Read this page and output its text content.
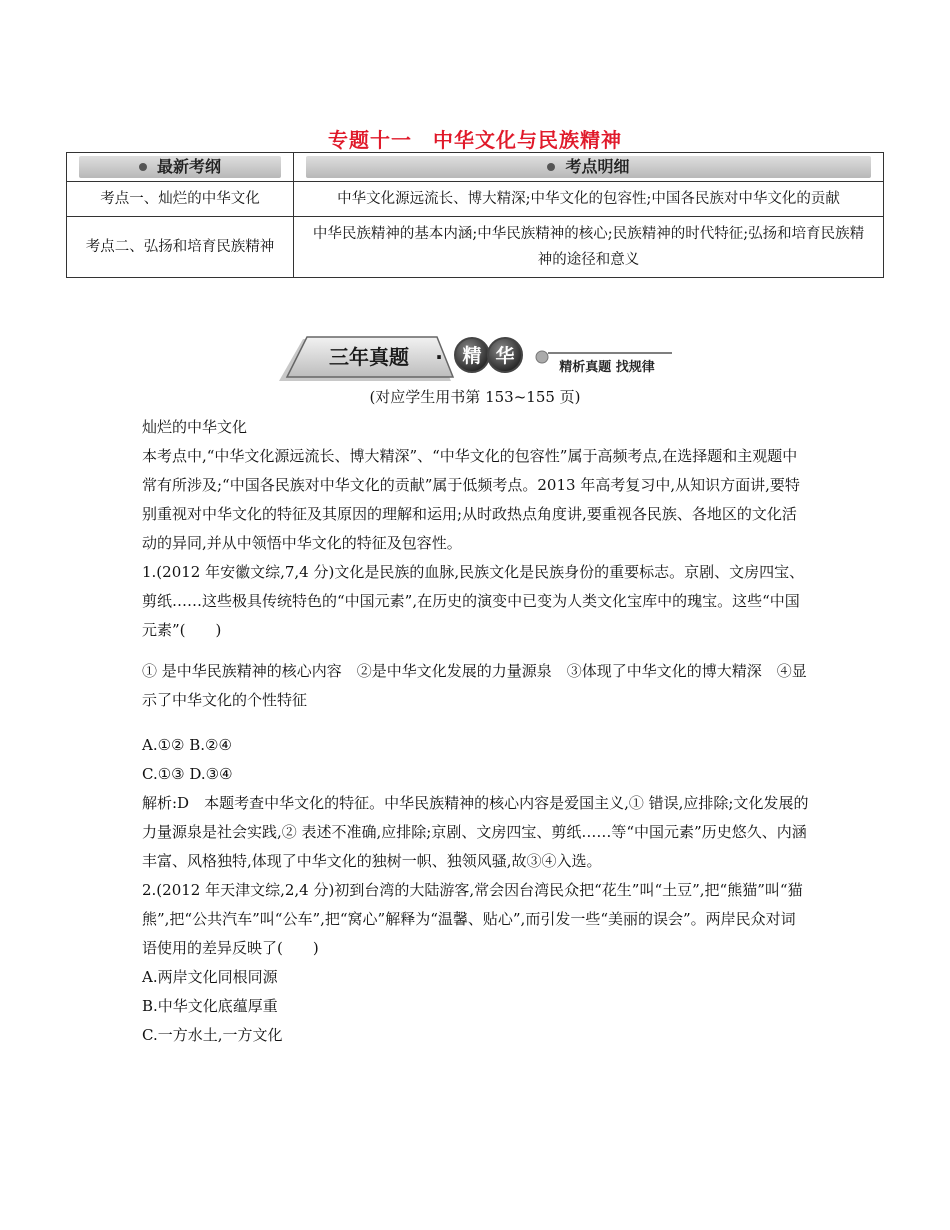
专题十一　中华文化与民族精神
最新考纲	考点明细

考点一、灿烂的中华文化	中华文化源远流长、博大精深;中华文化的包容性;中国各民族对中华文化的贡献
考点二、弘扬和培育民族精神	中华民族精神的基本内涵;中华民族精神的核心;民族精神的时代特征;弘扬和培育民族精神的途径和意义
三年真题 · 精 华
精析真题 找规律
(对应学生用书第 153~155 页)

灿烂的中华文化

本考点中,“中华文化源远流长、博大精深”、“中华文化的包容性”属于高频考点,在选择题和主观题中常有所涉及;“中国各民族对中华文化的贡献”属于低频考点。2013 年高考复习中,从知识方面讲,要特别重视对中华文化的特征及其原因的理解和运用;从时政热点角度讲,要重视各民族、各地区的文化活动的异同,并从中领悟中华文化的特征及包容性。

1.(2012 年安徽文综,7,4 分)文化是民族的血脉,民族文化是民族身份的重要标志。京剧、文房四宝、剪纸……这些极具传统特色的“中国元素”,在历史的演变中已变为人类文化宝库中的瑰宝。这些“中国元素”(　　)

① 是中华民族精神的核心内容　②是中华文化发展的力量源泉　③体现了中华文化的博大精深　④显示了中华文化的个性特征

A.①② B.②④

C.①③ D.③④

解析:D　本题考查中华文化的特征。中华民族精神的核心内容是爱国主义,① 错误,应排除;文化发展的力量源泉是社会实践,② 表述不准确,应排除;京剧、文房四宝、剪纸……等“中国元素”历史悠久、内涵丰富、风格独特,体现了中华文化的独树一帜、独领风骚,故③④入选。

2.(2012 年天津文综,2,4 分)初到台湾的大陆游客,常会因台湾民众把“花生”叫“土豆”,把“熊猫”叫“猫熊”,把“公共汽车”叫“公车”,把“窝心”解释为“温馨、贴心”,而引发一些“美丽的误会”。两岸民众对词语使用的差异反映了(　　)

A.两岸文化同根同源

B.中华文化底蕴厚重

C.一方水土,一方文化
